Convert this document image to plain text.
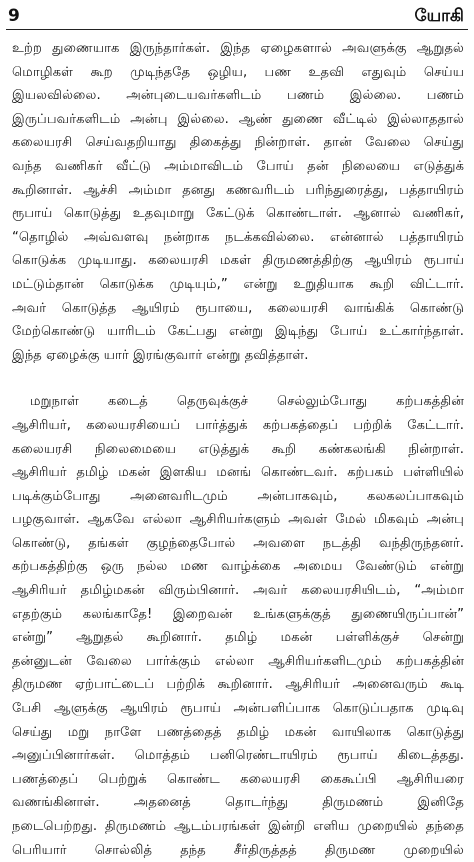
9	யோகி
உற்ற துணையாக இருந்தார்கள். இந்த ஏழைகளால் அவளுக்கு ஆறுதல்
மொழிகள் கூற முடிந்ததே ஒழிய, பண உதவி எதுவும் செய்ய
இயலவில்லை. அன்புடையவர்களிடம் பணம் இல்லை. பணம்
இருப்பவர்களிடம் அன்பு இல்லை. ஆண் துணை வீட்டில் இல்லாததால்
கலையரசி செய்வதறியாது திகைத்து நின்றாள். தான் வேலை செய்து
வந்த வணிகர் வீட்டு அம்மாவிடம் போய் தன் நிலையை எடுத்துக்
கூறினாள். ஆச்சி அம்மா தனது கணவரிடம் பரிந்துரைத்து, பத்தாயிரம்
ரூபாய் கொடுத்து உதவுமாறு கேட்டுக் கொண்டாள். ஆனால் வணிகர்,
“தொழில் அவ்வளவு நன்றாக நடக்கவில்லை. என்னால் பத்தாயிரம்
கொடுக்க முடியாது. கலையரசி மகள் திருமணத்திற்கு ஆயிரம் ரூபாய்
மட்டும்தான் கொடுக்க முடியும்,” என்று உறுதியாக கூறி விட்டார்.
அவர் கொடுத்த ஆயிரம் ரூபாயை, கலையரசி வாங்கிக் கொண்டு
மேற்கொண்டு யாரிடம் கேட்பது என்று இடிந்து போய் உட்கார்ந்தாள்.
இந்த ஏழைக்கு யார் இரங்குவார் என்று தவித்தாள்.
மறுநாள் கடைத் தெருவுக்குச் செல்லும்போது கற்பகத்தின்
ஆசிரியர், கலையரசியைப் பார்த்துக் கற்பகத்தைப் பற்றிக் கேட்டார்.
கலையரசி நிலைமையை எடுத்துக் கூறி கண்கலங்கி நின்றாள்.
ஆசிரியர் தமிழ் மகன் இளகிய மனங் கொண்டவர். கற்பகம் பள்ளியில்
படிக்கும்போது அனைவரிடமும் அன்பாகவும், கலகலப்பாகவும்
பழகுவாள். ஆகவே எல்லா ஆசிரியர்களும் அவள் மேல் மிகவும் அன்பு
கொண்டு, தங்கள் குழந்தைபோல் அவளை நடத்தி வந்திருந்தனர்.
கற்பகத்திற்கு ஒரு நல்ல மண வாழ்க்கை அமைய வேண்டும் என்று
ஆசிரியர் தமிழ்மகன் விரும்பினார். அவர் கலையரசியிடம், “அம்மா
எதற்கும் கலங்காதே! இறைவன் உங்களுக்குத் துணையிருப்பான்”
என்று” ஆறுதல் கூறினார். தமிழ் மகன் பள்ளிக்குச் சென்று
தன்னுடன் வேலை பார்க்கும் எல்லா ஆசிரியர்களிடமும் கற்பகத்தின்
திருமண ஏற்பாட்டைப் பற்றிக் கூறினார். ஆசிரியர் அனைவரும் கூடி
பேசி ஆளுக்கு ஆயிரம் ரூபாய் அன்பளிப்பாக கொடுப்பதாக முடிவு
செய்து மறு நாளே பணத்தைத் தமிழ் மகன் வாயிலாக கொடுத்து
அனுப்பினார்கள். மொத்தம் பனிரெண்டாயிரம் ரூபாய் கிடைத்தது.
பணத்தைப் பெற்றுக் கொண்ட கலையரசி கைகூப்பி ஆசிரியரை
வணங்கினாள். அதனைத் தொடர்ந்து திருமணம் இனிதே
நடைபெற்றது. திருமணம் ஆடம்பரங்கள் இன்றி எளிய முறையில் தந்தை
பெரியார் சொல்லித் தந்த சீர்திருத்தத் திருமண முறையில்
